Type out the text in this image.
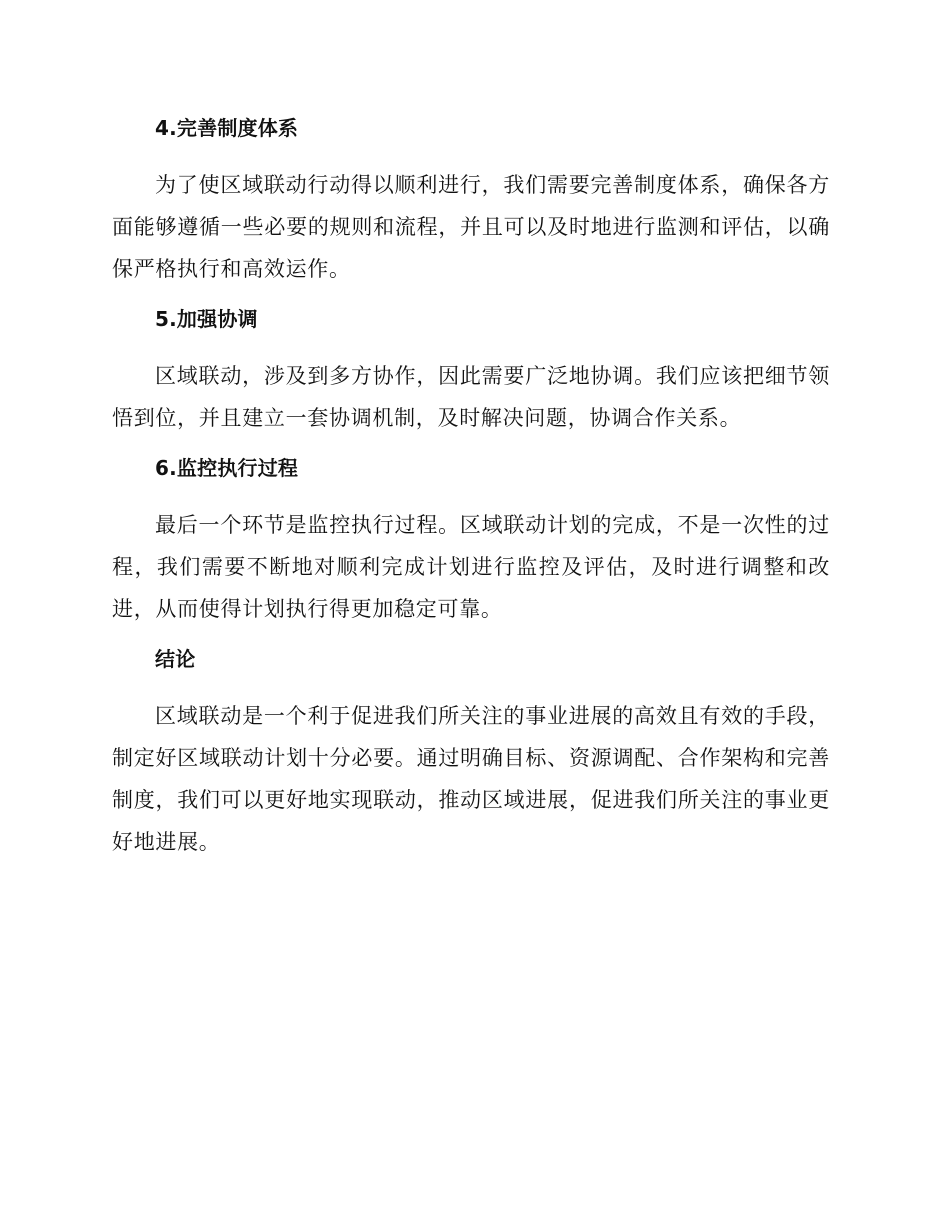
4.完善制度体系

为了使区域联动行动得以顺利进行，我们需要完善制度体系，确保各方面能够遵循一些必要的规则和流程，并且可以及时地进行监测和评估，以确保严格执行和高效运作。

5.加强协调

区域联动，涉及到多方协作，因此需要广泛地协调。我们应该把细节领悟到位，并且建立一套协调机制，及时解决问题，协调合作关系。

6.监控执行过程

最后一个环节是监控执行过程。区域联动计划的完成，不是一次性的过程，我们需要不断地对顺利完成计划进行监控及评估，及时进行调整和改进，从而使得计划执行得更加稳定可靠。

结论

区域联动是一个利于促进我们所关注的事业进展的高效且有效的手段，制定好区域联动计划十分必要。通过明确目标、资源调配、合作架构和完善制度，我们可以更好地实现联动，推动区域进展，促进我们所关注的事业更好地进展。
